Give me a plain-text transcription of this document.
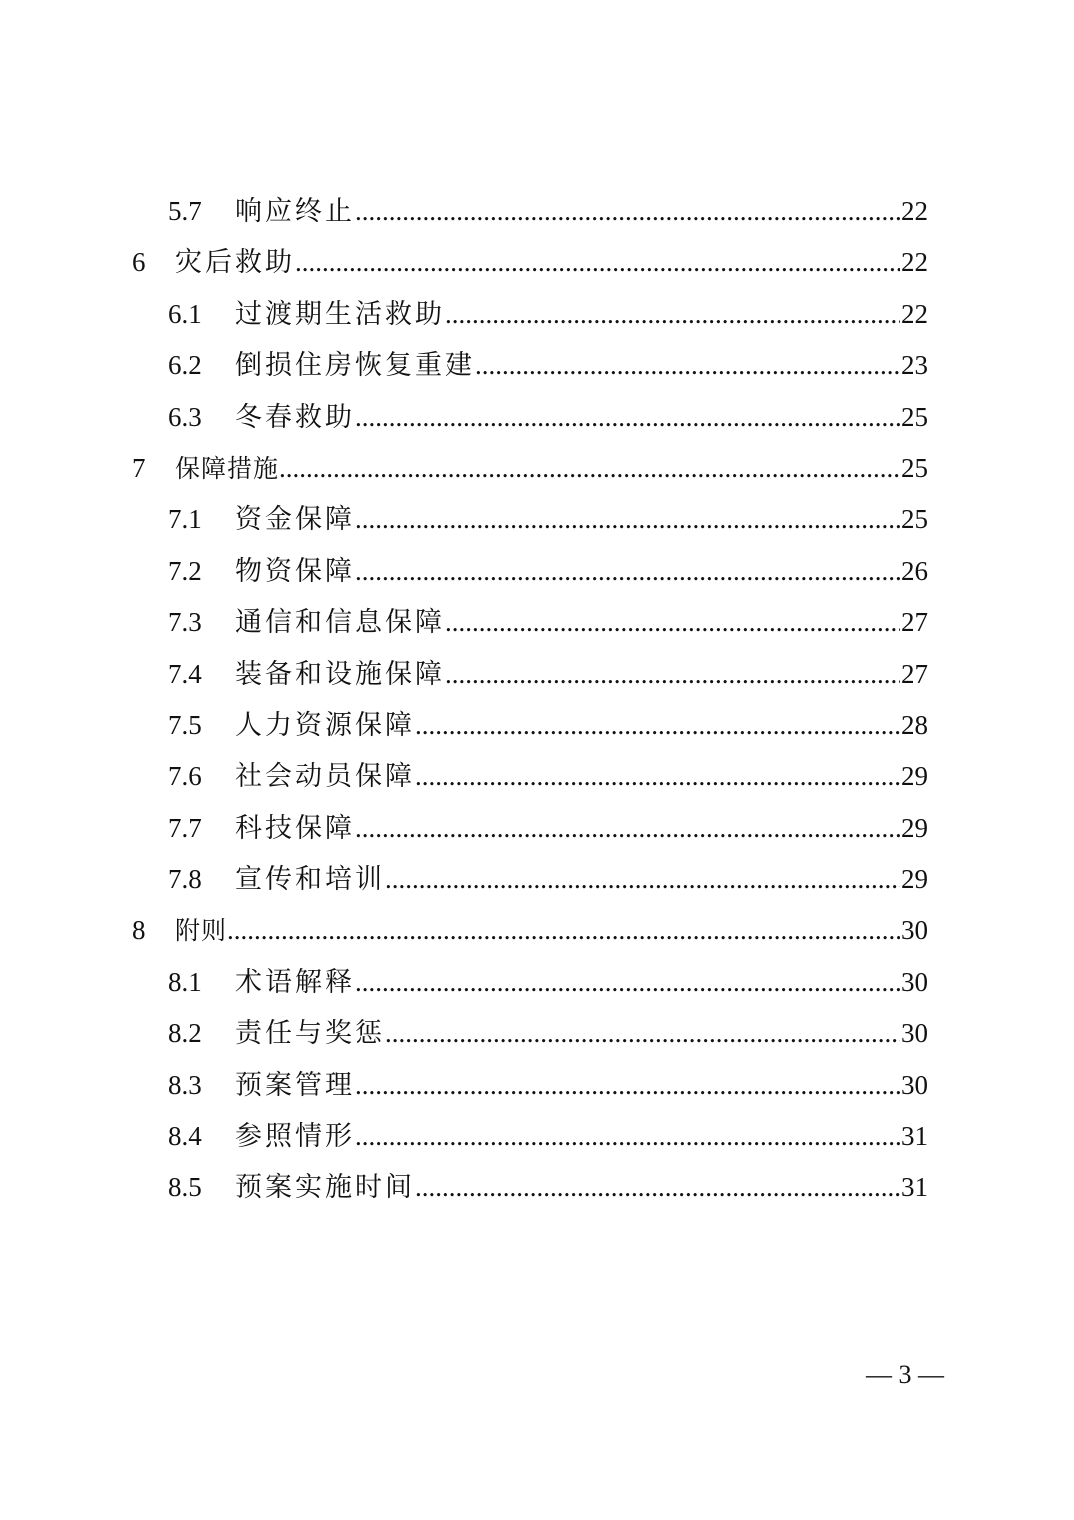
5.7 响应终止 .....	22
6 灾后救助 .....	22
6.1 过渡期生活救助 .....	22
6.2 倒损住房恢复重建 .....	23
6.3 冬春救助 .....	25
7 保障措施 .....	25
7.1 资金保障 .....	25
7.2 物资保障 .....	26
7.3 通信和信息保障 .....	27
7.4 装备和设施保障 .....	27
7.5 人力资源保障 .....	28
7.6 社会动员保障 .....	29
7.7 科技保障 .....	29
7.8 宣传和培训 .....	29
8 附则 .....	30
8.1 术语解释 .....	30
8.2 责任与奖惩 .....	30
8.3 预案管理 .....	30
8.4 参照情形 .....	31
8.5 预案实施时间 .....	31
— 3 —
